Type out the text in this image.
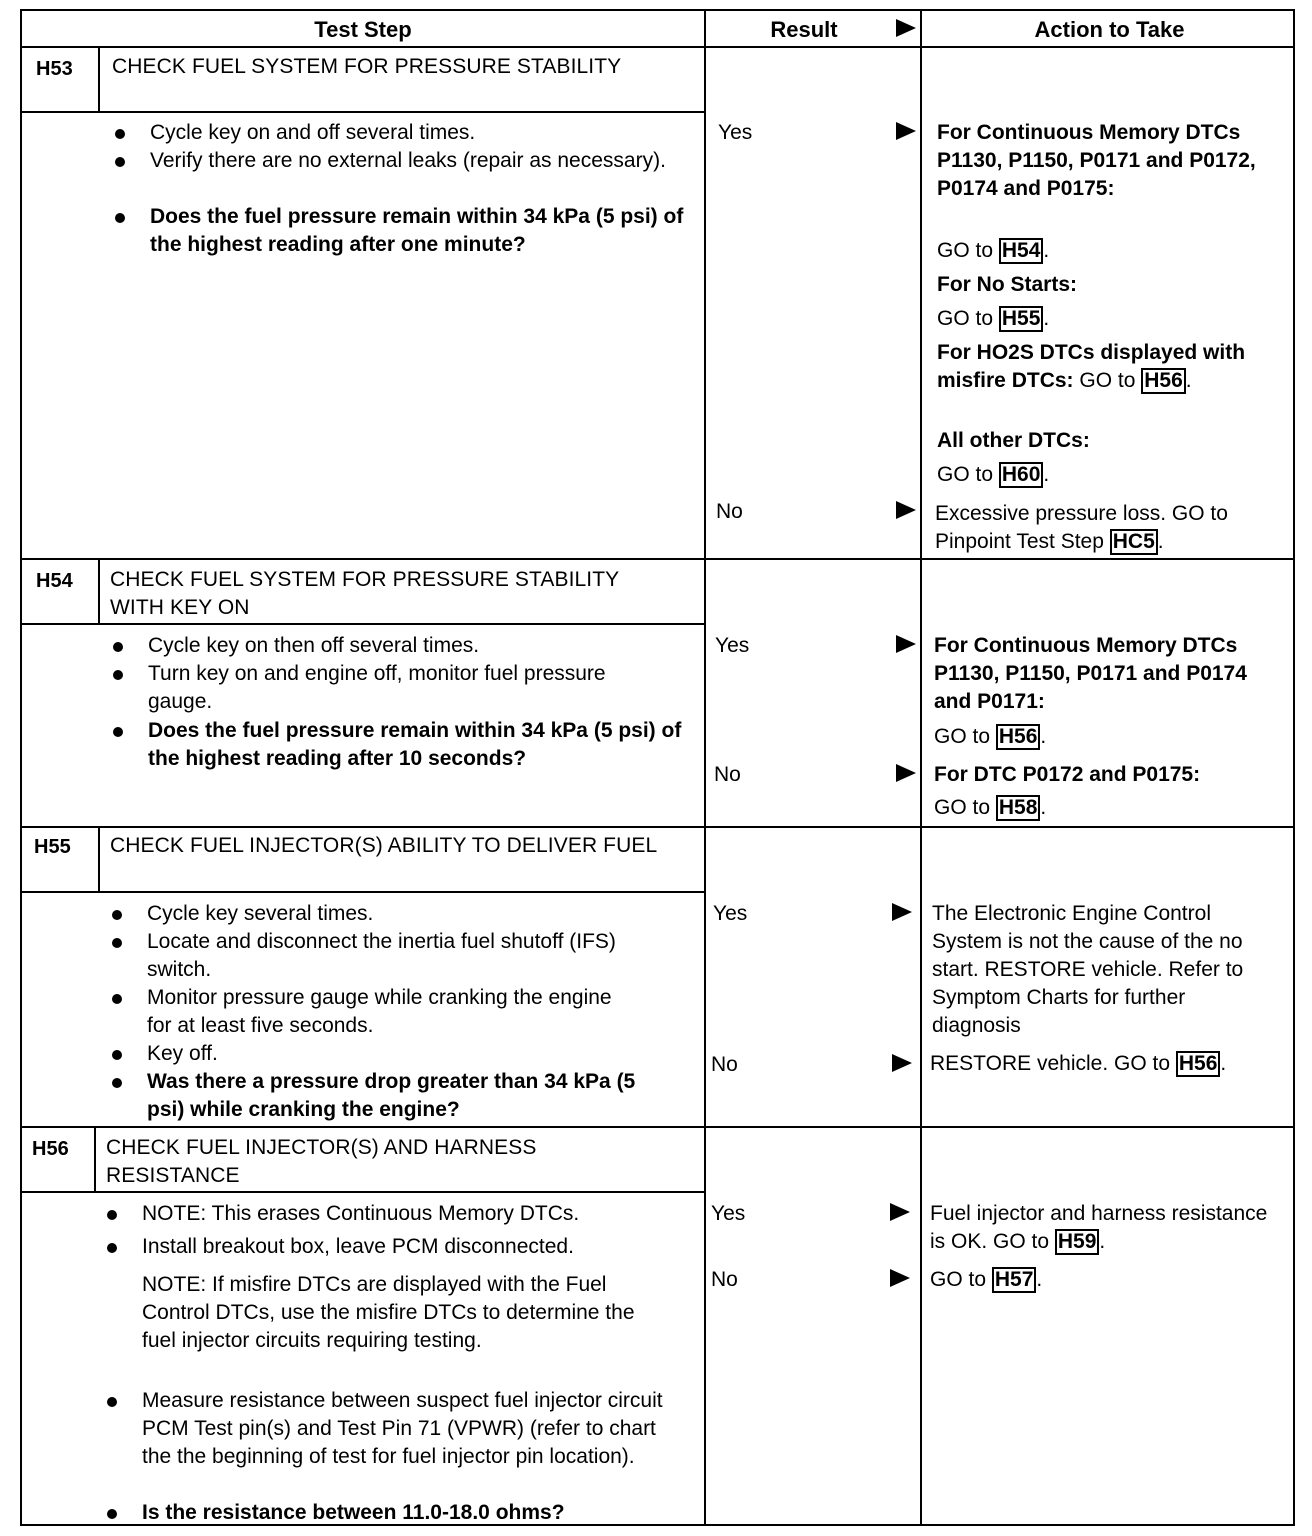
Test Step	Result	Action to Take
H53 CHECK FUEL SYSTEM FOR PRESSURE STABILITY
Cycle key on and off several times.
Verify there are no external leaks (repair as necessary).
Does the fuel pressure remain within 34 kPa (5 psi) of the highest reading after one minute?
Yes
No
For Continuous Memory DTCs P1130, P1150, P0171 and P0172, P0174 and P0175:
GO to H54 .
For No Starts:
GO to H55 .
For HO2S DTCs displayed with misfire DTCs: GO to H56 .
All other DTCs:
GO to H60 .
Excessive pressure loss. GO to Pinpoint Test Step HC5 .
H54 CHECK FUEL SYSTEM FOR PRESSURE STABILITY WITH KEY ON
Cycle key on then off several times.
Turn key on and engine off, monitor fuel pressure gauge.
Does the fuel pressure remain within 34 kPa (5 psi) of the highest reading after 10 seconds?
Yes
No
For Continuous Memory DTCs P1130, P1150, P0171 and P0174 and P0171:
GO to H56 .
For DTC P0172 and P0175:
GO to H58 .
H55 CHECK FUEL INJECTOR(S) ABILITY TO DELIVER FUEL
Cycle key several times.
Locate and disconnect the inertia fuel shutoff (IFS) switch.
Monitor pressure gauge while cranking the engine for at least five seconds.
Key off.
Was there a pressure drop greater than 34 kPa (5 psi) while cranking the engine?
Yes
No
The Electronic Engine Control System is not the cause of the no start. RESTORE vehicle. Refer to Symptom Charts for further diagnosis
RESTORE vehicle. GO to H56 .
H56 CHECK FUEL INJECTOR(S) AND HARNESS RESISTANCE
NOTE: This erases Continuous Memory DTCs.
Install breakout box, leave PCM disconnected.
NOTE: If misfire DTCs are displayed with the Fuel Control DTCs, use the misfire DTCs to determine the fuel injector circuits requiring testing.
Measure resistance between suspect fuel injector circuit PCM Test pin(s) and Test Pin 71 (VPWR) (refer to chart the the beginning of test for fuel injector pin location).
Is the resistance between 11.0-18.0 ohms?
Yes
No
Fuel injector and harness resistance is OK. GO to H59 .
GO to H57 .
